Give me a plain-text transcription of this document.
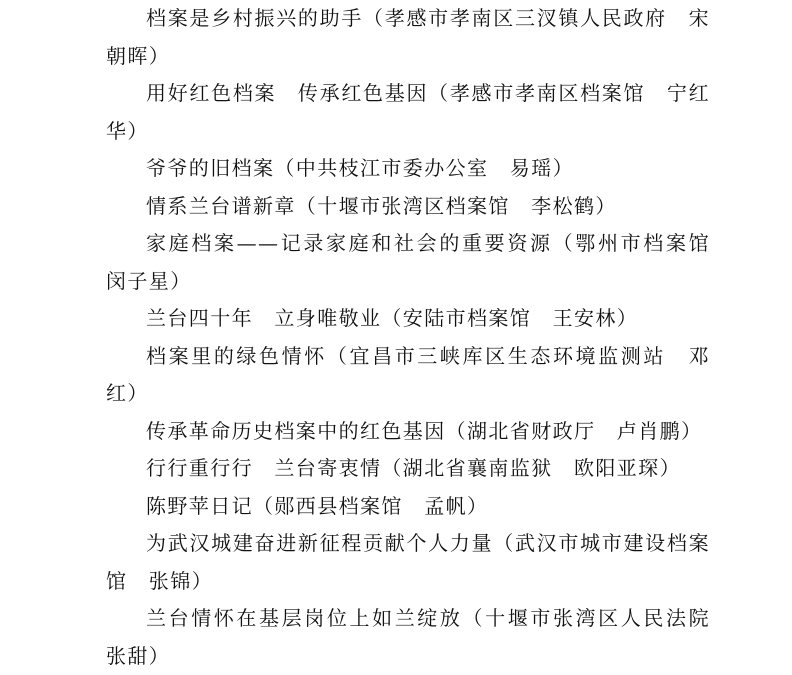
档案是乡村振兴的助手（孝感市孝南区三汊镇人民政府　宋朝晖）
用好红色档案　传承红色基因（孝感市孝南区档案馆　宁红华）
爷爷的旧档案（中共枝江市委办公室　易瑶）
情系兰台谱新章（十堰市张湾区档案馆　李松鹤）
家庭档案——记录家庭和社会的重要资源（鄂州市档案馆　闵子星）
兰台四十年　立身唯敬业（安陆市档案馆　王安林）
档案里的绿色情怀（宜昌市三峡库区生态环境监测站　邓红）
传承革命历史档案中的红色基因（湖北省财政厅　卢肖鹏）
行行重行行　兰台寄衷情（湖北省襄南监狱　欧阳亚琛）
陈野苹日记（郧西县档案馆　孟帆）
为武汉城建奋进新征程贡献个人力量（武汉市城市建设档案馆　张锦）
兰台情怀在基层岗位上如兰绽放（十堰市张湾区人民法院　张甜）
